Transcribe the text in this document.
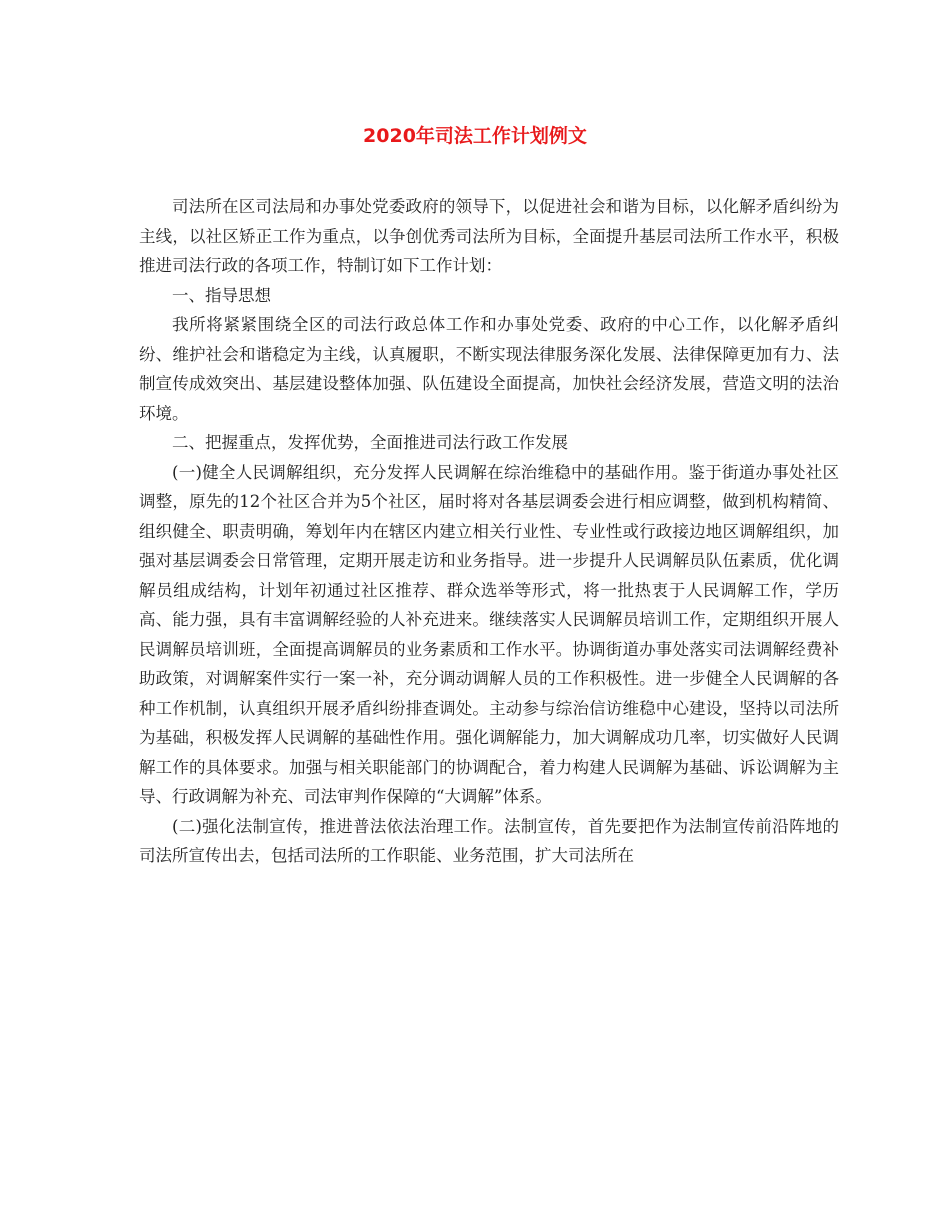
2020年司法工作计划例文

司法所在区司法局和办事处党委政府的领导下，以促进社会和谐为目标，以化解矛盾纠纷为主线，以社区矫正工作为重点，以争创优秀司法所为目标，全面提升基层司法所工作水平，积极推进司法行政的各项工作，特制订如下工作计划：

一、指导思想

我所将紧紧围绕全区的司法行政总体工作和办事处党委、政府的中心工作，以化解矛盾纠纷、维护社会和谐稳定为主线，认真履职，不断实现法律服务深化发展、法律保障更加有力、法制宣传成效突出、基层建设整体加强、队伍建设全面提高，加快社会经济发展，营造文明的法治环境。

二、把握重点，发挥优势，全面推进司法行政工作发展

(一)健全人民调解组织，充分发挥人民调解在综治维稳中的基础作用。鉴于街道办事处社区调整，原先的12个社区合并为5个社区，届时将对各基层调委会进行相应调整，做到机构精简、组织健全、职责明确，筹划年内在辖区内建立相关行业性、专业性或行政接边地区调解组织，加强对基层调委会日常管理，定期开展走访和业务指导。进一步提升人民调解员队伍素质，优化调解员组成结构，计划年初通过社区推荐、群众选举等形式，将一批热衷于人民调解工作，学历高、能力强，具有丰富调解经验的人补充进来。继续落实人民调解员培训工作，定期组织开展人民调解员培训班，全面提高调解员的业务素质和工作水平。协调街道办事处落实司法调解经费补助政策，对调解案件实行一案一补，充分调动调解人员的工作积极性。进一步健全人民调解的各种工作机制，认真组织开展矛盾纠纷排查调处。主动参与综治信访维稳中心建设，坚持以司法所为基础，积极发挥人民调解的基础性作用。强化调解能力，加大调解成功几率，切实做好人民调解工作的具体要求。加强与相关职能部门的协调配合，着力构建人民调解为基础、诉讼调解为主导、行政调解为补充、司法审判作保障的“大调解”体系。

(二)强化法制宣传，推进普法依法治理工作。法制宣传，首先要把作为法制宣传前沿阵地的司法所宣传出去，包括司法所的工作职能、业务范围，扩大司法所在
